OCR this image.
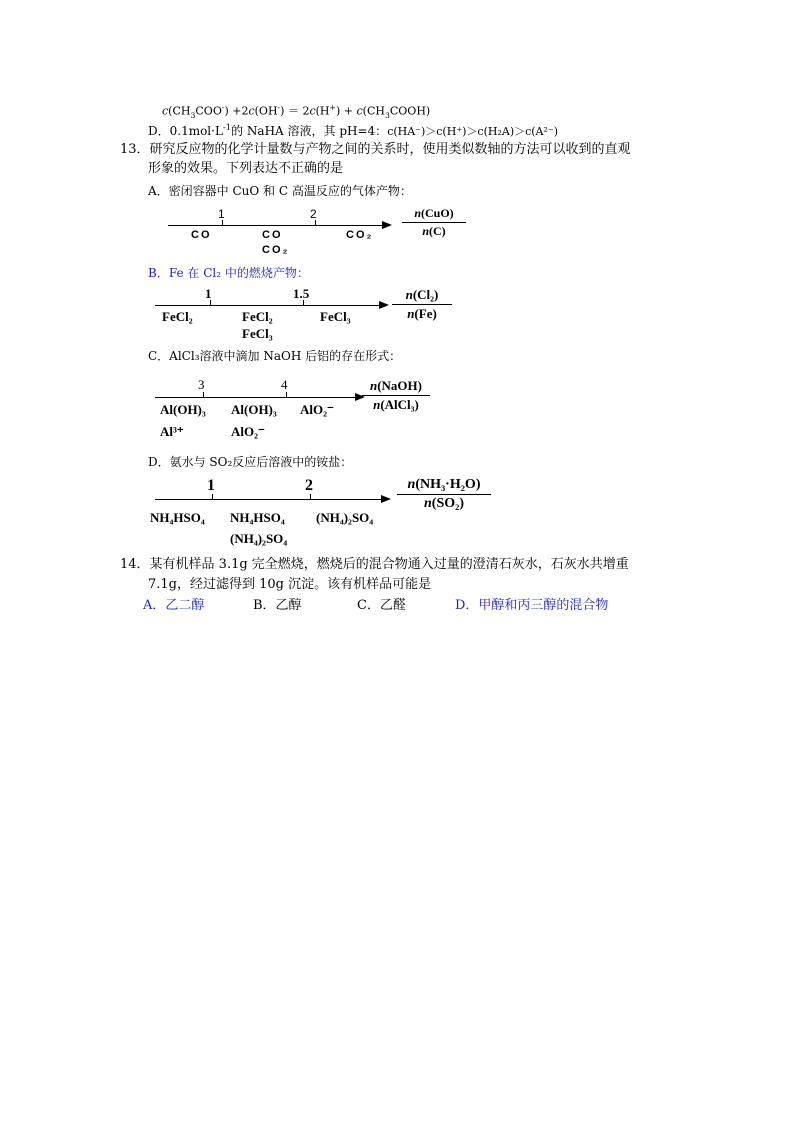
$c(CH_3COO^-) +2c(OH^-) = 2c(H^+)$ + $c(CH_3COOH)$
D．$0.1mol\cdot L^{-1}$的 NaHA 溶液，其 pH=4：c(HA⁻)＞c(H⁺)＞c(H₂A)＞c(A²⁻)
13．研究反应物的化学计量数与产物之间的关系时，使用类似数轴的方法可以收到的直观
形象的效果。下列表达不正确的是
A．密闭容器中 CuO 和 C 高温反应的气体产物：
1	2
CO	CO
CO₂
CO₂
n(CuO)
n(C)
B．Fe 在 Cl₂ 中的燃烧产物：
1	1.5
FeCl₂	FeCl₂
FeCl₃
FeCl₃
n(Cl₂)
n(Fe)
C．AlCl₃溶液中滴加 NaOH 后铝的存在形式：
3	4
Al(OH)₃
Al³⁺
Al(OH)₃
AlO₂⁻
AlO₂⁻
n(NaOH)
n(AlCl₃)
D．氨水与 SO₂反应后溶液中的铵盐：
1	2
NH₄HSO₄ NH₄HSO₄
(NH₄)₂SO₄
(NH₄)₂SO₄
n(NH₃·H₂O)
n(SO₂)
14．某有机样品 3.1g 完全燃烧，燃烧后的混合物通入过量的澄清石灰水，石灰水共增重
7.1g，经过滤得到 10g 沉淀。该有机样品可能是
A．乙二醇	B．乙醇	C．乙醛	D．甲醇和丙三醇的混合物
